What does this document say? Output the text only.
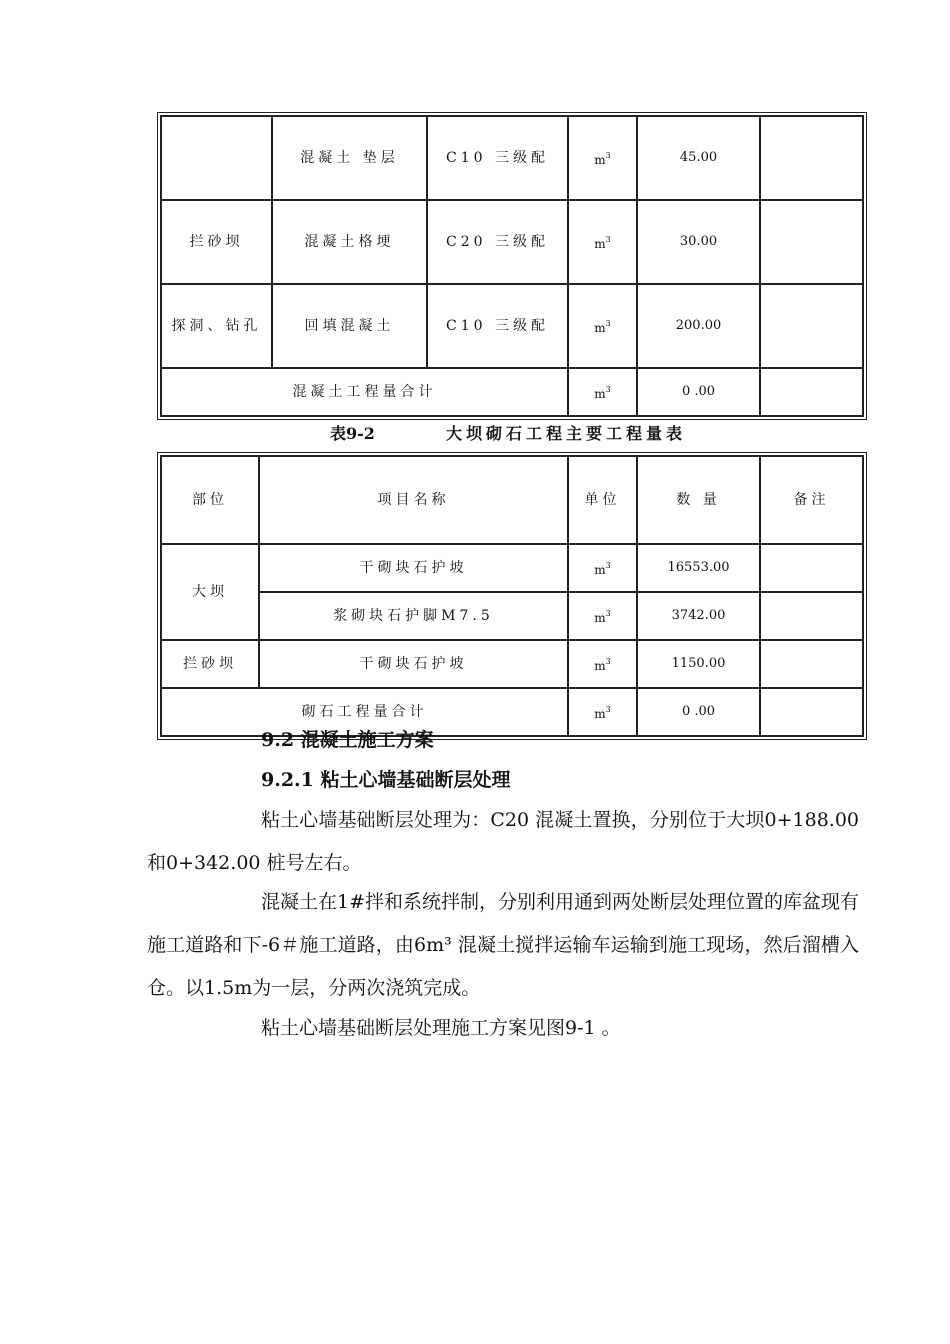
	混凝土 垫层	C10 三级配	$m^3$	45.00	
拦砂坝	混凝土格埂	C20 三级配	$m^3$	30.00	
探洞、钻孔	回填混凝土	C10 三级配	$m^3$	200.00	
混凝土工程量合计			$m^3$	0 .00	
表9-2	大坝砌石工程主要工程量表
部位	项目名称	单位	数 量	备注
大坝	干砌块石护坡	$m^3$	16553.00	
	浆砌块石护脚M7.5	$m^3$	3742.00	
拦砂坝	干砌块石护坡	$m^3$	1150.00	
砌石工程量合计		$m^3$	0 .00	
9.2 混凝土施工方案
9.2.1 粘土心墙基础断层处理

粘土心墙基础断层处理为：C20 混凝土置换，分别位于大坝0+188.00 和0+342.00 桩号左右。

混凝土在1#拌和系统拌制，分别利用通到两处断层处理位置的库盆现有施工道路和下-6＃施工道路，由6m³ 混凝土搅拌运输车运输到施工现场，然后溜槽入仓。以1.5m为一层，分两次浇筑完成。

粘土心墙基础断层处理施工方案见图9-1 。
